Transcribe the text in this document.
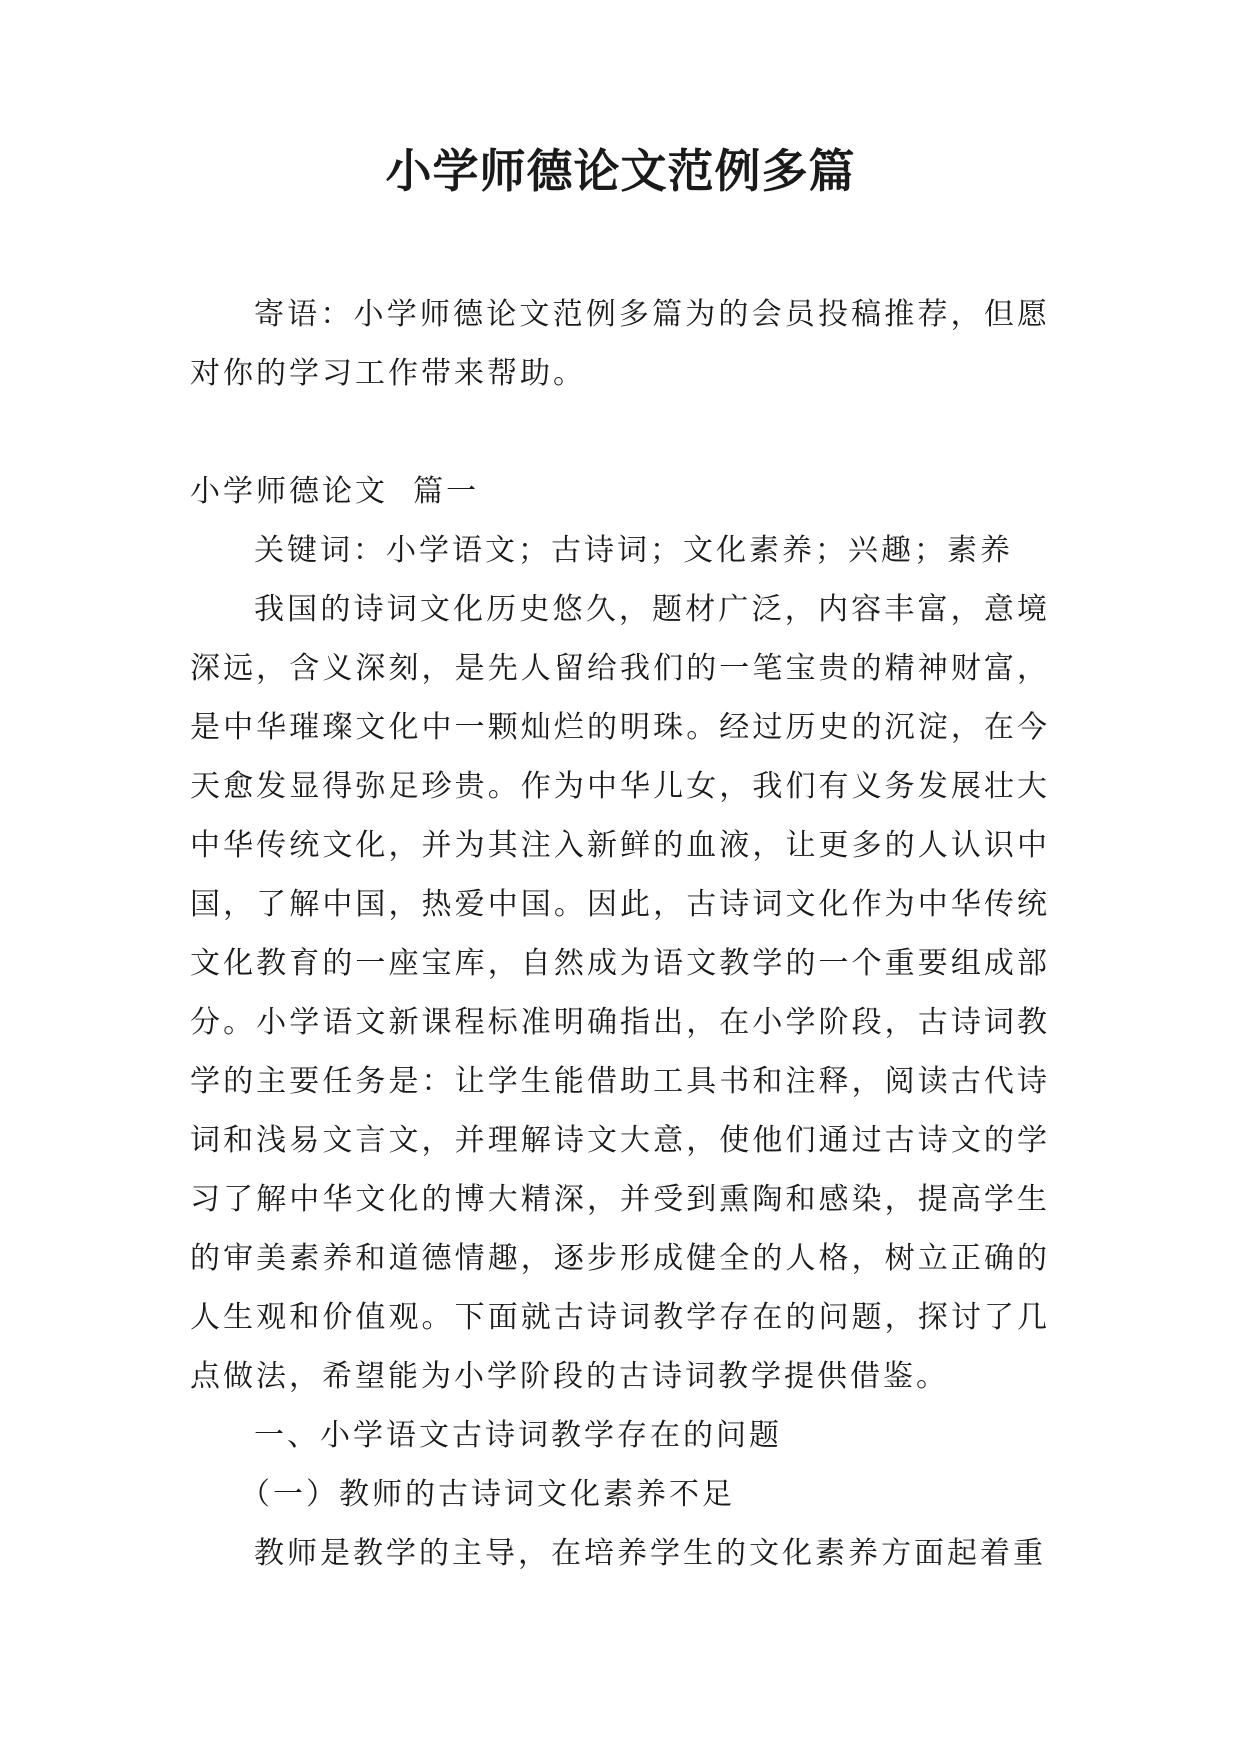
小学师德论文范例多篇

寄语：小学师德论文范例多篇为的会员投稿推荐，但愿对你的学习工作带来帮助。

小学师德论文  篇一

关键词：小学语文；古诗词；文化素养；兴趣；素养

我国的诗词文化历史悠久，题材广泛，内容丰富，意境深远，含义深刻，是先人留给我们的一笔宝贵的精神财富，是中华璀璨文化中一颗灿烂的明珠。经过历史的沉淀，在今天愈发显得弥足珍贵。作为中华儿女，我们有义务发展壮大中华传统文化，并为其注入新鲜的血液，让更多的人认识中国，了解中国，热爱中国。因此，古诗词文化作为中华传统文化教育的一座宝库，自然成为语文教学的一个重要组成部分。小学语文新课程标准明确指出，在小学阶段，古诗词教学的主要任务是：让学生能借助工具书和注释，阅读古代诗词和浅易文言文，并理解诗文大意，使他们通过古诗文的学习了解中华文化的博大精深，并受到熏陶和感染，提高学生的审美素养和道德情趣，逐步形成健全的人格，树立正确的人生观和价值观。下面就古诗词教学存在的问题，探讨了几点做法，希望能为小学阶段的古诗词教学提供借鉴。

一、小学语文古诗词教学存在的问题

（一）教师的古诗词文化素养不足

教师是教学的主导，在培养学生的文化素养方面起着重
